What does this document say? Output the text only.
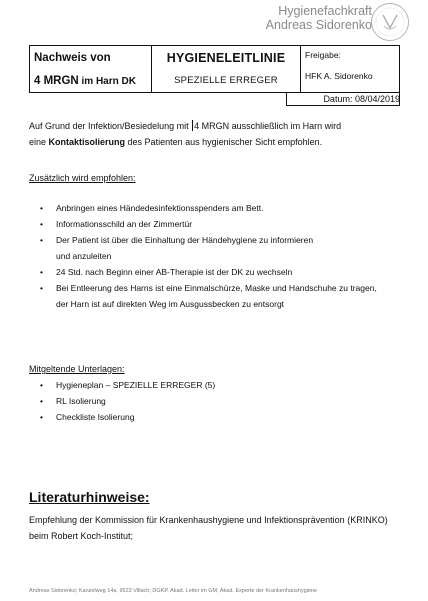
Hygienefachkraft
Andreas Sidorenko
Nachweis von
4 MRGN im Harn DK
HYGIENELEITLINIE
SPEZIELLE ERREGER
Freigabe:
HFK A. Sidorenko
Datum: 08/04/2019
Auf Grund der Infektion/Besiedelung mit 4 MRGN ausschließlich im Harn wird
eine Kontaktisolierung des Patienten aus hygienischer Sicht empfohlen.
Zusätzlich wird empfohlen:
• Anbringen eines Händedesinfektionsspenders am Bett.
• Informationsschild an der Zimmertür
• Der Patient ist über die Einhaltung der Händehygiene zu informieren
und anzuleiten
• 24 Std. nach Beginn einer AB-Therapie ist der DK zu wechseln
• Bei Entleerung des Harns ist eine Einmalschürze, Maske und Handschuhe zu tragen,
der Harn ist auf direkten Weg im Ausgussbecken zu entsorgt
Mitgeltende Unterlagen:
• Hygieneplan – SPEZIELLE ERREGER (5)
• RL Isolierung
• Checkliste Isolierung
Literaturhinweise:
Empfehlung der Kommission für Krankenhaushygiene und Infektionsprävention (KRINKO)
beim Robert Koch-Institut;
Andreas Sidorenko; Kanzelweg 14a, 9523 Villach; DGKP, Akad. Leiter im GM, Akad. Experte der Krankenhaushygiene
